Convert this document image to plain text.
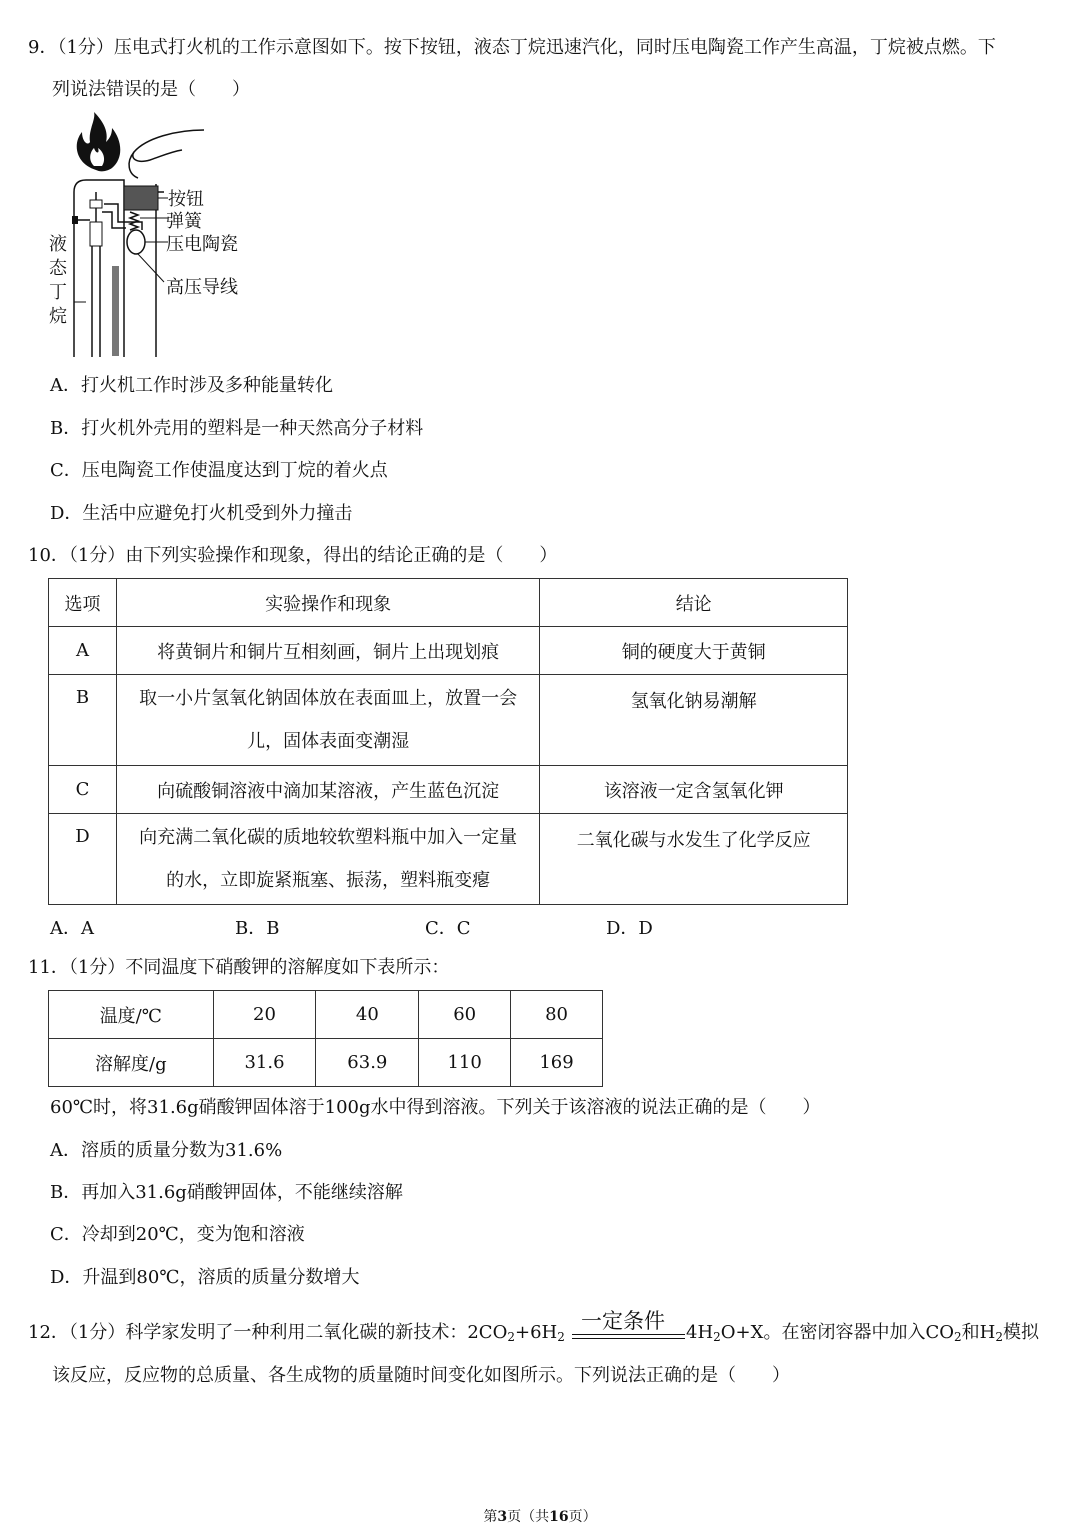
9．（1分）压电式打火机的工作示意图如下。按下按钮，液态丁烷迅速汽化，同时压电陶瓷工作产生高温，丁烷被点燃。下
列说法错误的是（　　）
按钮
弹簧
压电陶瓷
高压导线
液
态
丁
烷
A．打火机工作时涉及多种能量转化
B．打火机外壳用的塑料是一种天然高分子材料
C．压电陶瓷工作使温度达到丁烷的着火点
D．生活中应避免打火机受到外力撞击
10．（1分）由下列实验操作和现象，得出的结论正确的是（　　）
选项	实验操作和现象	结论
A	将黄铜片和铜片互相刻画，铜片上出现划痕	铜的硬度大于黄铜
B	取一小片氢氧化钠固体放在表面皿上，放置一会
儿，固体表面变潮湿	氢氧化钠易潮解
C	向硫酸铜溶液中滴加某溶液，产生蓝色沉淀	该溶液一定含氢氧化钾
D	向充满二氧化碳的质地较软塑料瓶中加入一定量
的水，立即旋紧瓶塞、振荡，塑料瓶变瘪	二氧化碳与水发生了化学反应
A．A	B．B	C．C	D．D
11．（1分）不同温度下硝酸钾的溶解度如下表所示：
温度/℃	20	40	60	80
溶解度/g	31.6	63.9	110	169
60℃时，将31.6g硝酸钾固体溶于100g水中得到溶液。下列关于该溶液的说法正确的是（　　）
A．溶质的质量分数为31.6%
B．再加入31.6g硝酸钾固体，不能继续溶解
C．冷却到20℃，变为饱和溶液
D．升温到80℃，溶质的质量分数增大
一定条件
12．（1分）科学家发明了一种利用二氧化碳的新技术：$2CO_2+6H_2$	$4H_2O+X$。在密闭容器中加入$CO_2$和$H_2$模拟
该反应，反应物的总质量、各生成物的质量随时间变化如图所示。下列说法正确的是（　　）
第3页（共16页）
